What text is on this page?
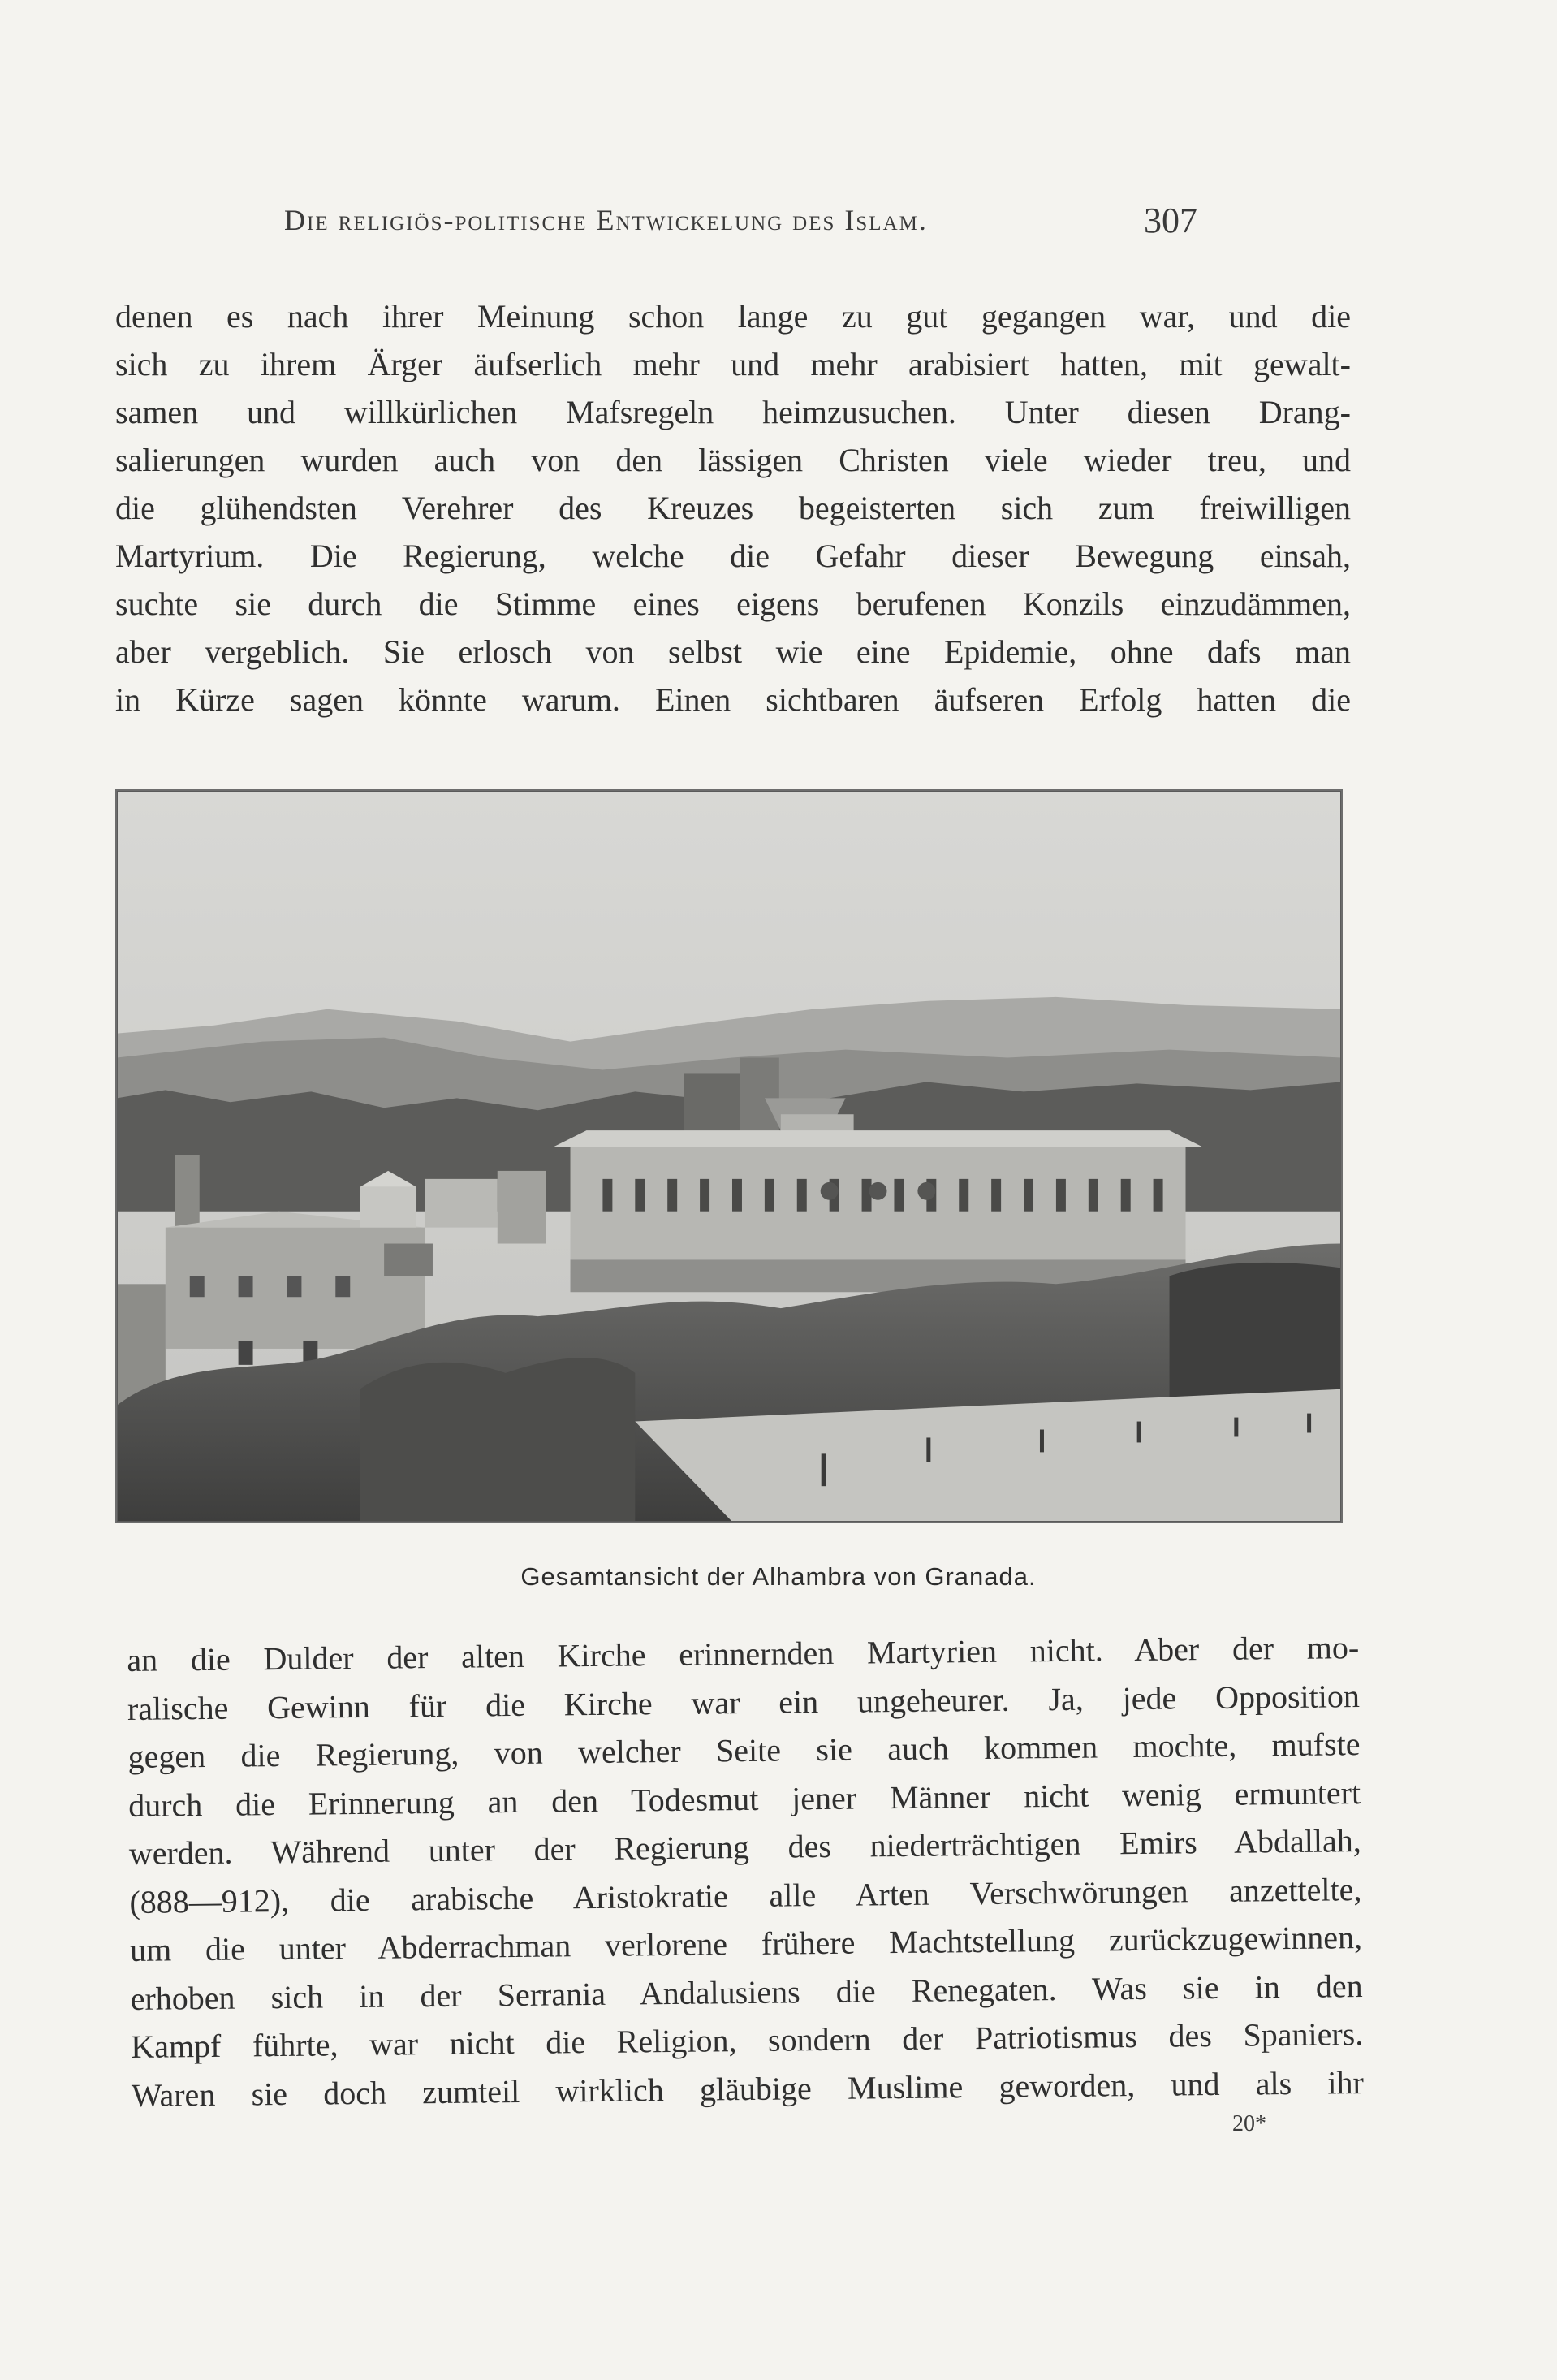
Die religiös-politische Entwickelung des Islam.	307
denen es nach ihrer Meinung schon lange zu gut gegangen war, und die
sich zu ihrem Ärger äufserlich mehr und mehr arabisiert hatten, mit gewalt-
samen und willkürlichen Mafsregeln heimzusuchen. Unter diesen Drang-
salierungen wurden auch von den lässigen Christen viele wieder treu, und
die glühendsten Verehrer des Kreuzes begeisterten sich zum freiwilligen
Martyrium. Die Regierung, welche die Gefahr dieser Bewegung einsah,
suchte sie durch die Stimme eines eigens berufenen Konzils einzudämmen,
aber vergeblich. Sie erlosch von selbst wie eine Epidemie, ohne dafs man
in Kürze sagen könnte warum. Einen sichtbaren äufseren Erfolg hatten die
Gesamtansicht der Alhambra von Granada.
an die Dulder der alten Kirche erinnernden Martyrien nicht. Aber der mo-
ralische Gewinn für die Kirche war ein ungeheurer. Ja, jede Opposition
gegen die Regierung, von welcher Seite sie auch kommen mochte, mufste
durch die Erinnerung an den Todesmut jener Männer nicht wenig ermuntert
werden. Während unter der Regierung des niederträchtigen Emirs Abdallah,
(888—912), die arabische Aristokratie alle Arten Verschwörungen anzettelte,
um die unter Abderrachman verlorene frühere Machtstellung zurückzugewinnen,
erhoben sich in der Serrania Andalusiens die Renegaten. Was sie in den
Kampf führte, war nicht die Religion, sondern der Patriotismus des Spaniers.
Waren sie doch zumteil wirklich gläubige Muslime geworden, und als ihr
20*
